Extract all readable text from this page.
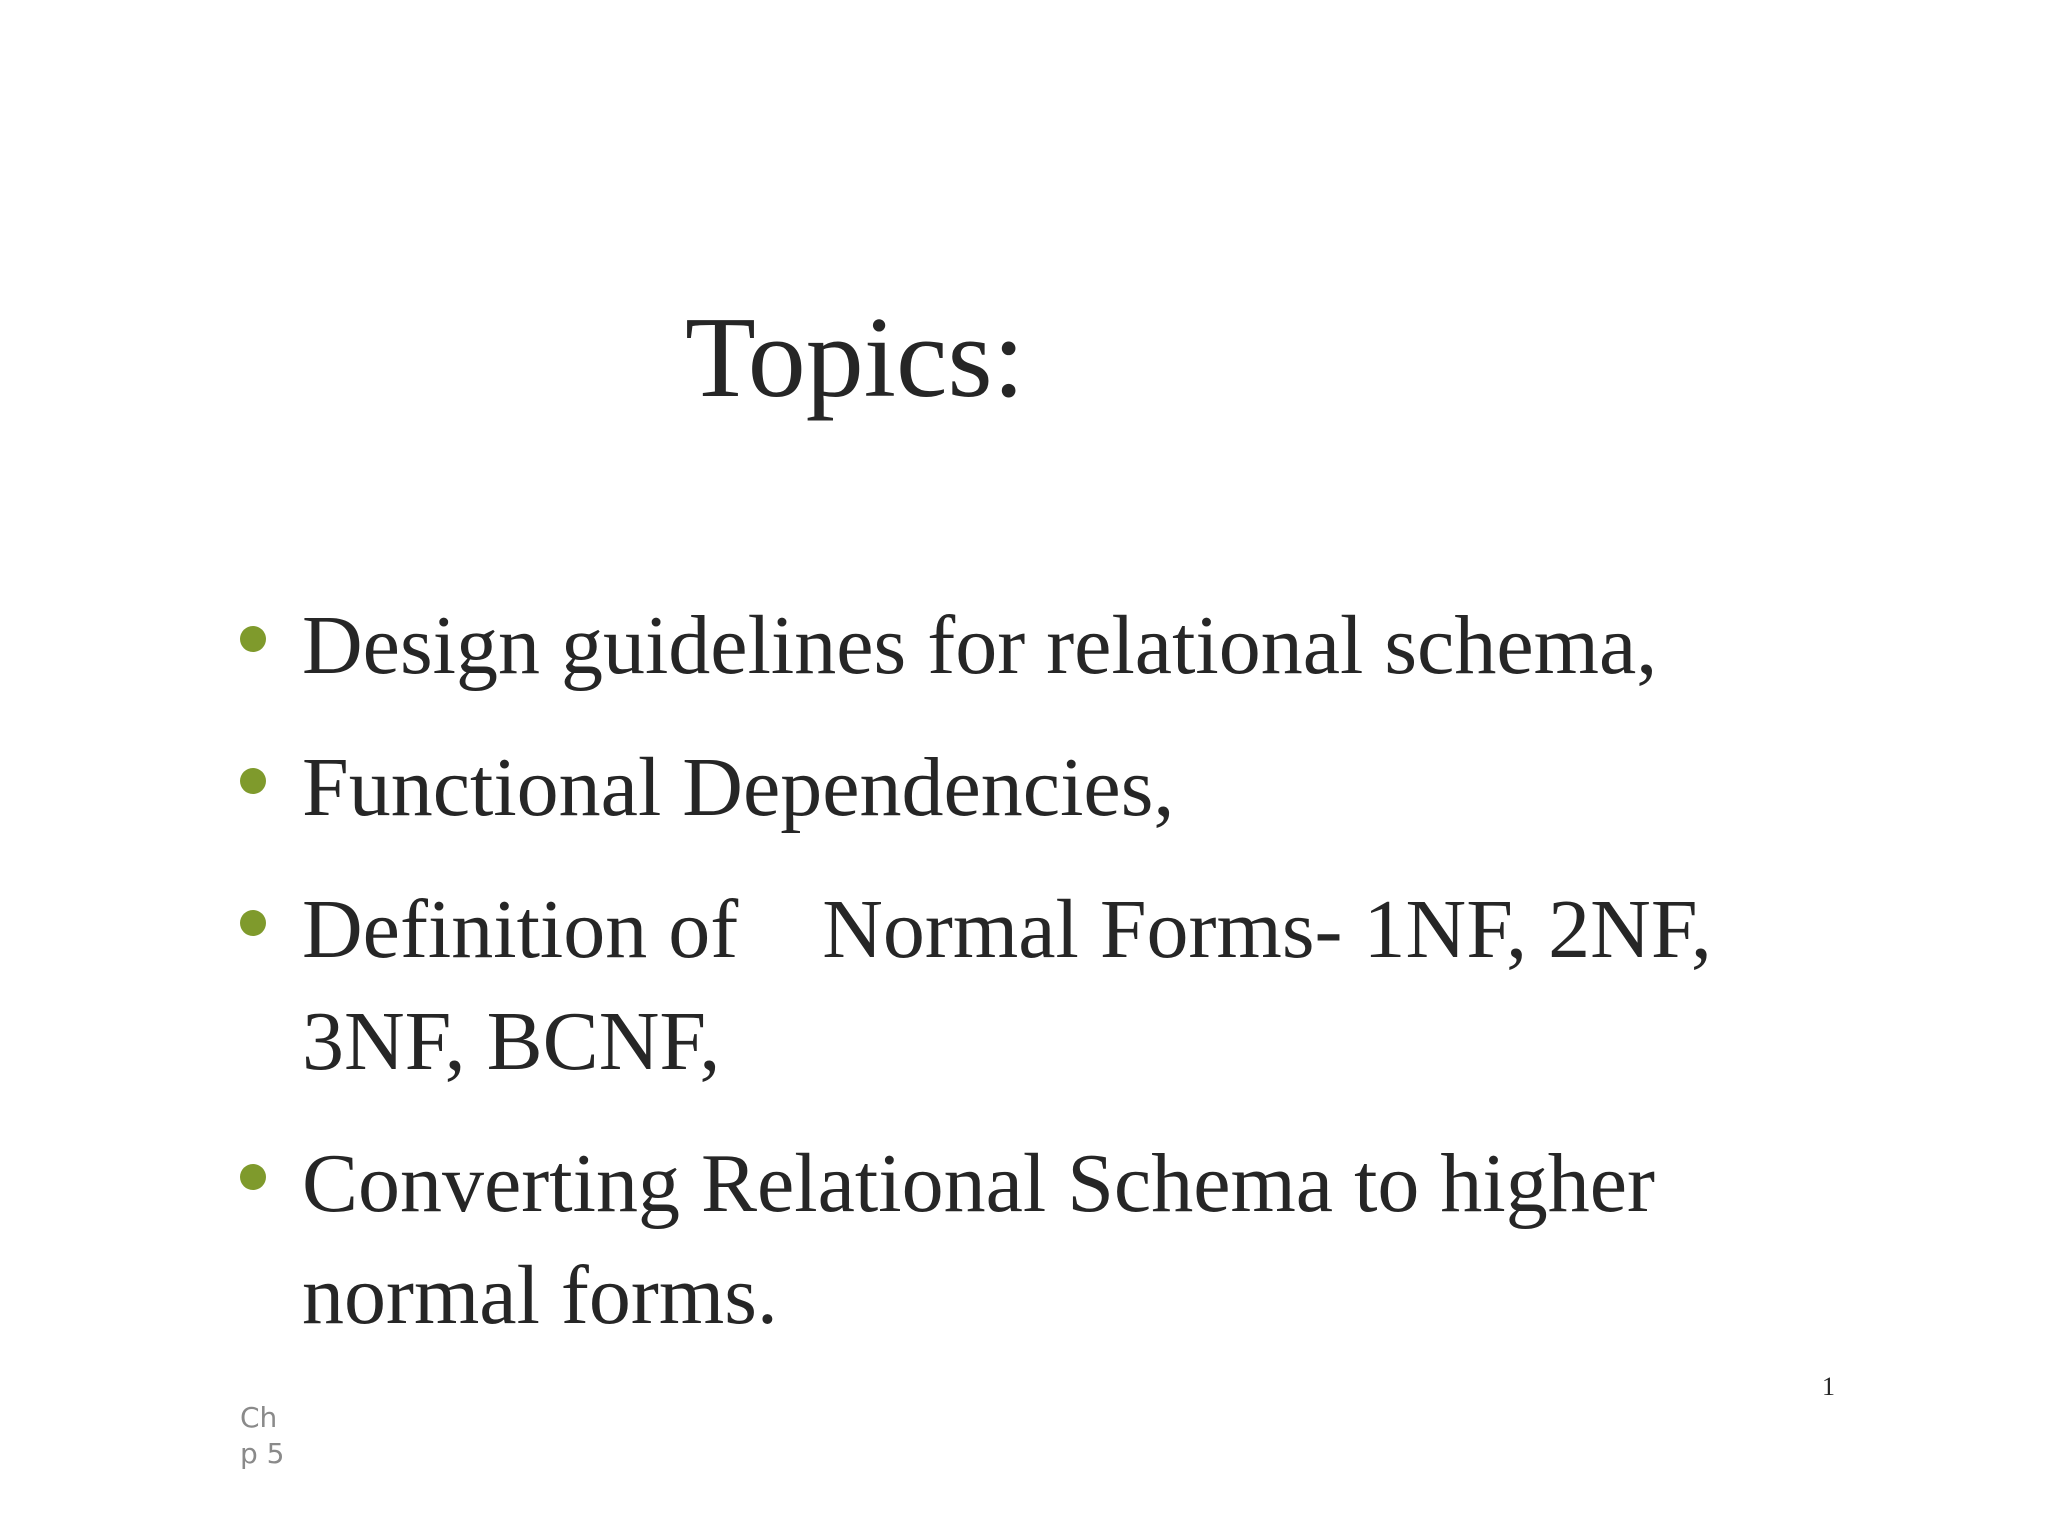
Topics:
Design guidelines for relational schema,
Functional Dependencies,
Definition of    Normal Forms- 1NF, 2NF, 3NF, BCNF,
Converting Relational Schema to higher normal forms.
Ch
p 5
1
